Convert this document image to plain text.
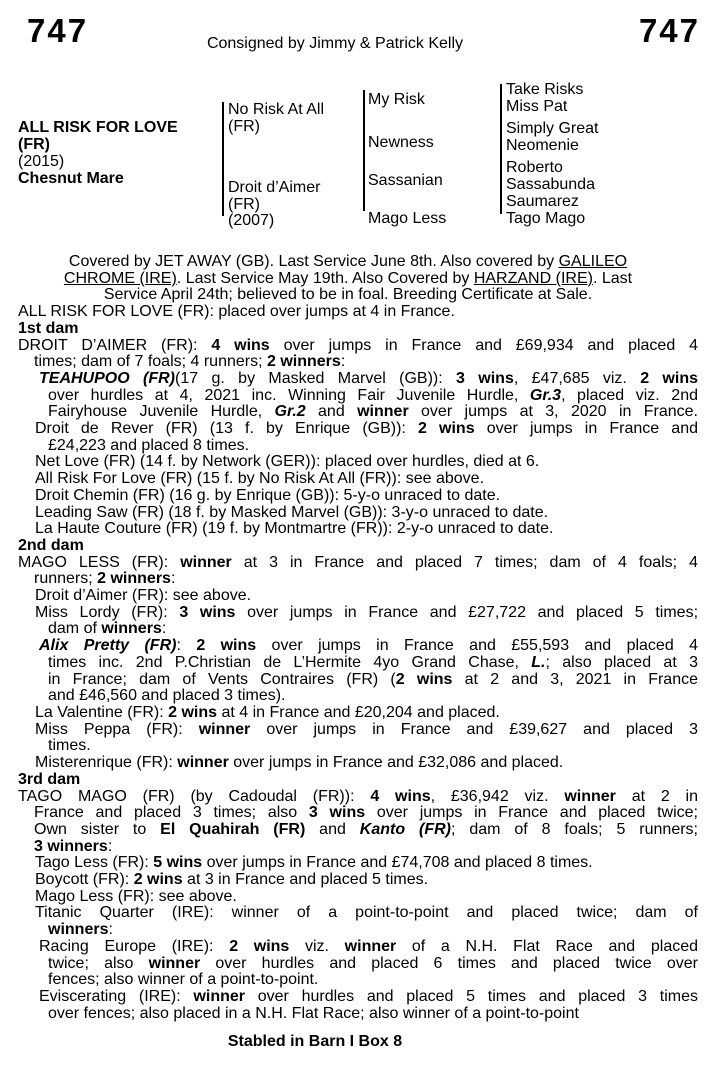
747	Consigned by Jimmy & Patrick Kelly	747
ALL RISK FOR LOVE
(FR)
(2015)
Chesnut Mare
No Risk At All
(FR)
Droit d’Aimer
(FR)
(2007)
My Risk
Newness
Sassanian
Mago Less
Take Risks
Miss Pat
Simply Great
Neomenie
Roberto
Sassabunda
Saumarez
Tago Mago
Covered by JET AWAY (GB). Last Service June 8th. Also covered by GALILEO
CHROME (IRE). Last Service May 19th. Also Covered by HARZAND (IRE). Last
Service April 24th; believed to be in foal. Breeding Certificate at Sale.
ALL RISK FOR LOVE (FR): placed over jumps at 4 in France.
1st dam
DROIT D’AIMER (FR): 4 wins over jumps in France and £69,934 and placed 4
times; dam of 7 foals; 4 runners; 2 winners:
TEAHUPOO (FR)(17 g. by Masked Marvel (GB)): 3 wins, £47,685 viz. 2 wins
over hurdles at 4, 2021 inc. Winning Fair Juvenile Hurdle, Gr.3, placed viz. 2nd
Fairyhouse Juvenile Hurdle, Gr.2 and winner over jumps at 3, 2020 in France.
Droit de Rever (FR) (13 f. by Enrique (GB)): 2 wins over jumps in France and
£24,223 and placed 8 times.
Net Love (FR) (14 f. by Network (GER)): placed over hurdles, died at 6.
All Risk For Love (FR) (15 f. by No Risk At All (FR)): see above.
Droit Chemin (FR) (16 g. by Enrique (GB)): 5-y-o unraced to date.
Leading Saw (FR) (18 f. by Masked Marvel (GB)): 3-y-o unraced to date.
La Haute Couture (FR) (19 f. by Montmartre (FR)): 2-y-o unraced to date.
2nd dam
MAGO LESS (FR): winner at 3 in France and placed 7 times; dam of 4 foals; 4
runners; 2 winners:
Droit d’Aimer (FR): see above.
Miss Lordy (FR): 3 wins over jumps in France and £27,722 and placed 5 times;
dam of winners:
Alix Pretty (FR): 2 wins over jumps in France and £55,593 and placed 4
times inc. 2nd P.Christian de L’Hermite 4yo Grand Chase, L.; also placed at 3
in France; dam of Vents Contraires (FR) (2 wins at 2 and 3, 2021 in France
and £46,560 and placed 3 times).
La Valentine (FR): 2 wins at 4 in France and £20,204 and placed.
Miss Peppa (FR): winner over jumps in France and £39,627 and placed 3
times.
Misterenrique (FR): winner over jumps in France and £32,086 and placed.
3rd dam
TAGO MAGO (FR) (by Cadoudal (FR)): 4 wins, £36,942 viz. winner at 2 in
France and placed 3 times; also 3 wins over jumps in France and placed twice;
Own sister to El Quahirah (FR) and Kanto (FR); dam of 8 foals; 5 runners;
3 winners:
Tago Less (FR): 5 wins over jumps in France and £74,708 and placed 8 times.
Boycott (FR): 2 wins at 3 in France and placed 5 times.
Mago Less (FR): see above.
Titanic Quarter (IRE): winner of a point-to-point and placed twice; dam of
winners:
Racing Europe (IRE): 2 wins viz. winner of a N.H. Flat Race and placed
twice; also winner over hurdles and placed 6 times and placed twice over
fences; also winner of a point-to-point.
Eviscerating (IRE): winner over hurdles and placed 5 times and placed 3 times
over fences; also placed in a N.H. Flat Race; also winner of a point-to-point
Stabled in Barn I Box 8
